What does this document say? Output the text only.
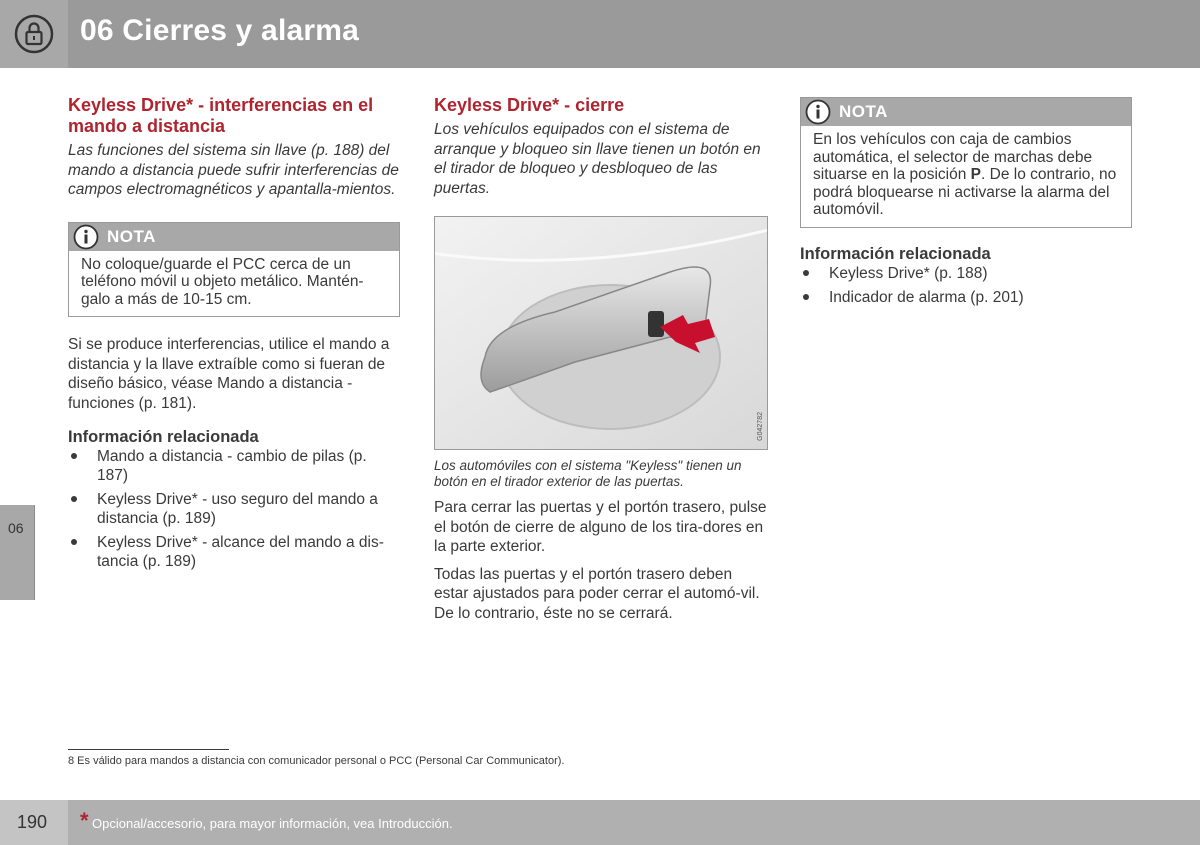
06 Cierres y alarma
06
Keyless Drive* - interferencias en el mando a distancia

Las funciones del sistema sin llave (p. 188) del mando a distancia puede sufrir interferencias de campos electromagnéticos y apantalla-mientos.

NOTA
No coloque/guarde el PCC cerca de un teléfono móvil u objeto metálico. Mantén-galo a más de 10-15 cm.

Si se produce interferencias, utilice el mando a distancia y la llave extraíble como si fueran de diseño básico, véase Mando a distancia - funciones (p. 181).

Información relacionada
Mando a distancia - cambio de pilas (p. 187)
Keyless Drive* - uso seguro del mando a distancia (p. 189)
Keyless Drive* - alcance del mando a dis-tancia (p. 189)
Keyless Drive* - cierre

Los vehículos equipados con el sistema de arranque y bloqueo sin llave tienen un botón en el tirador de bloqueo y desbloqueo de las puertas.

G042782

Los automóviles con el sistema "Keyless" tienen un botón en el tirador exterior de las puertas.

Para cerrar las puertas y el portón trasero, pulse el botón de cierre de alguno de los tira-dores en la parte exterior.

Todas las puertas y el portón trasero deben estar ajustados para poder cerrar el automó-vil. De lo contrario, éste no se cerrará.

NOTA
En los vehículos con caja de cambios automática, el selector de marchas debe situarse en la posición P. De lo contrario, no podrá bloquearse ni activarse la alarma del automóvil.
Información relacionada
Keyless Drive* (p. 188)
Indicador de alarma (p. 201)
8 Es válido para mandos a distancia con comunicador personal o PCC (Personal Car Communicator).
190 * Opcional/accesorio, para mayor información, vea Introducción.
